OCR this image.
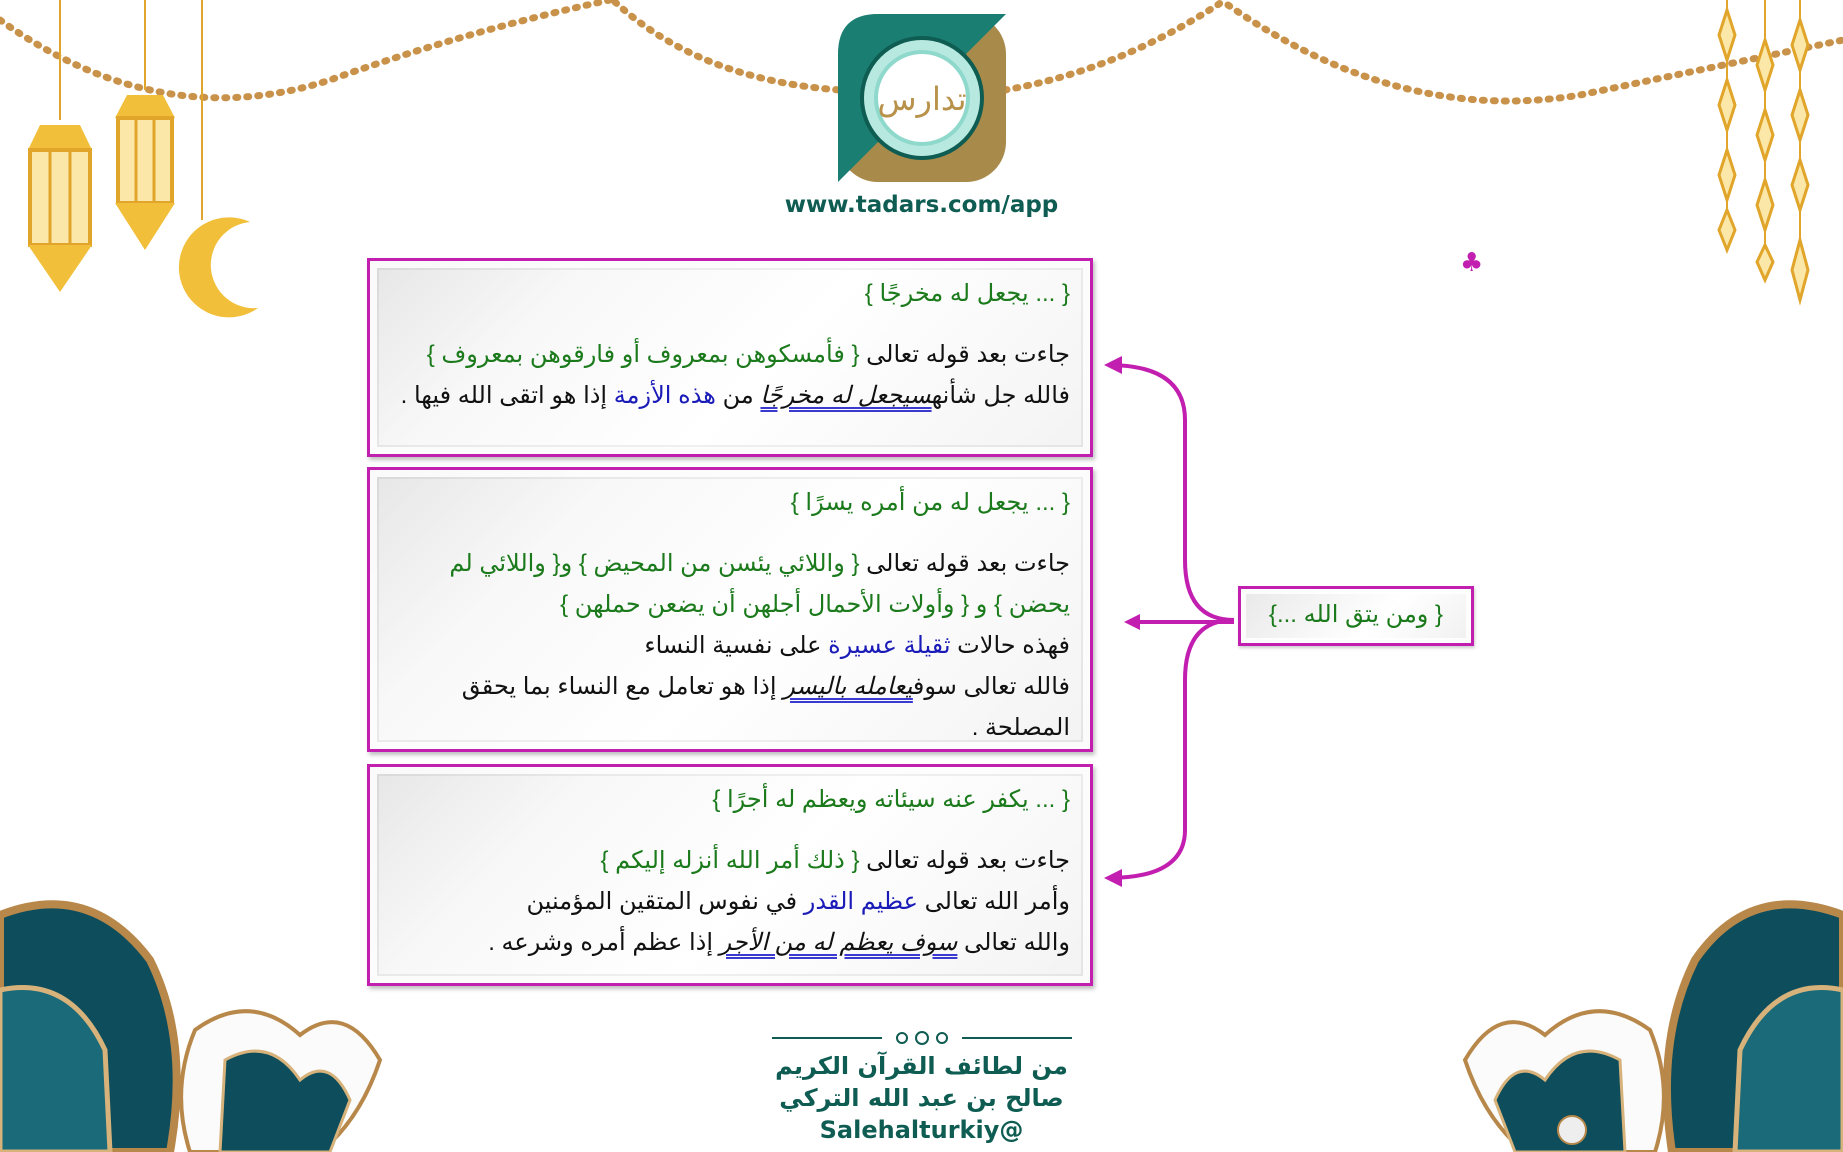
تدارس
www.tadars.com/app
♣

{ ... يجعل له مخرجًا }

جاءت بعد قوله تعالى { فأمسكوهن بمعروف أو فارقوهن بمعروف }

فالله جل شأنهسيجعل له مخرجًا من هذه الأزمة إذا هو اتقى الله فيها .

{ ... يجعل له من أمره يسرًا }

جاءت بعد قوله تعالى { واللائي يئسن من المحيض } و{ واللائي لم يحضن } و { وأولات الأحمال أجلهن أن يضعن حملهن }

فهذه حالات ثقيلة عسيرة على نفسية النساء

فالله تعالى سوفيعامله باليسر إذا هو تعامل مع النساء بما يحقق المصلحة .

{ ... يكفر عنه سيئاته ويعظم له أجرًا }

جاءت بعد قوله تعالى { ذلك أمر الله أنزله إليكم }

وأمر الله تعالى عظيم القدر في نفوس المتقين المؤمنين

والله تعالى سوف يعظم له من الأجر إذا عظم أمره وشرعه .

{ ومن يتق الله ...}
من لطائف القرآن الكريم
صالح بن عبد الله التركي
@Salehalturkiy
